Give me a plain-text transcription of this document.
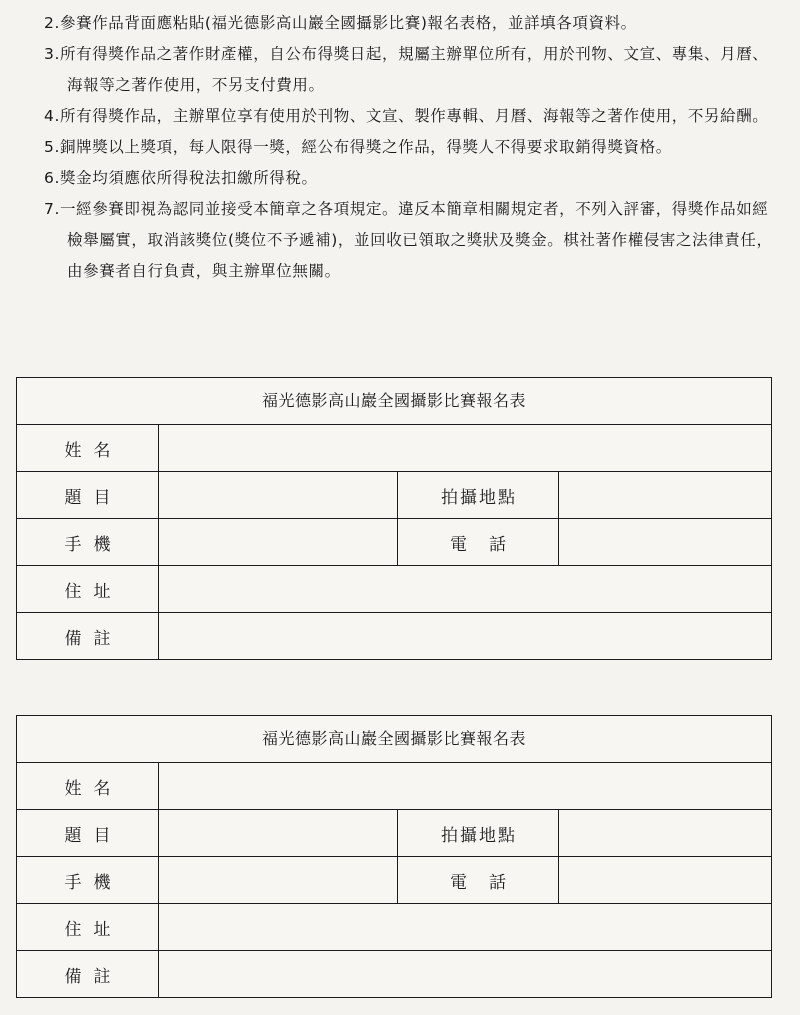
2.參賽作品背面應粘貼(福光德影高山巖全國攝影比賽)報名表格，並詳填各項資料。

3.所有得獎作品之著作財產權，自公布得獎日起，規屬主辦單位所有，用於刊物、文宣、專集、月曆、海報等之著作使用，不另支付費用。

4.所有得獎作品，主辦單位享有使用於刊物、文宣、製作專輯、月曆、海報等之著作使用，不另給酬。

5.銅牌獎以上獎項，每人限得一獎，經公布得獎之作品，得獎人不得要求取銷得獎資格。

6.獎金均須應依所得稅法扣繳所得稅。

7.一經參賽即視為認同並接受本簡章之各項規定。違反本簡章相關規定者，不列入評審，得獎作品如經檢舉屬實，取消該獎位(獎位不予遞補)，並回收已領取之獎狀及獎金。棋社著作權侵害之法律責任，由參賽者自行負責，與主辦單位無關。

福光德影高山巖全國攝影比賽報名表
姓名
題目	拍攝地點
手機	電話
住址
備註
福光德影高山巖全國攝影比賽報名表
姓名
題目	拍攝地點
手機	電話
住址
備註
